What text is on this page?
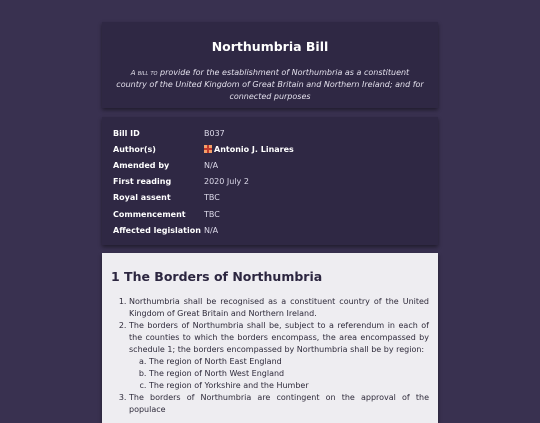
Northumbria Bill

A bill to provide for the establishment of Northumbria as a constituent country of the United Kingdom of Great Britain and Northern Ireland; and for connected purposes

Bill ID	B037
Author(s)	Antonio J. Linares
Amended by	N/A
First reading	2020 July 2
Royal assent	TBC
Commencement	TBC
Affected legislation N/A
1 The Borders of Northumbria
1. Northumbria shall be recognised as a constituent country of the United Kingdom of Great Britain and Northern Ireland.
2. The borders of Northumbria shall be, subject to a referendum in each of the counties to which the borders encompass, the area encompassed by schedule 1; the borders encompassed by Northumbria shall be by region:
a. The region of North East England
b. The region of North West England
c. The region of Yorkshire and the Humber
3. The borders of Northumbria are contingent on the approval of the populace
